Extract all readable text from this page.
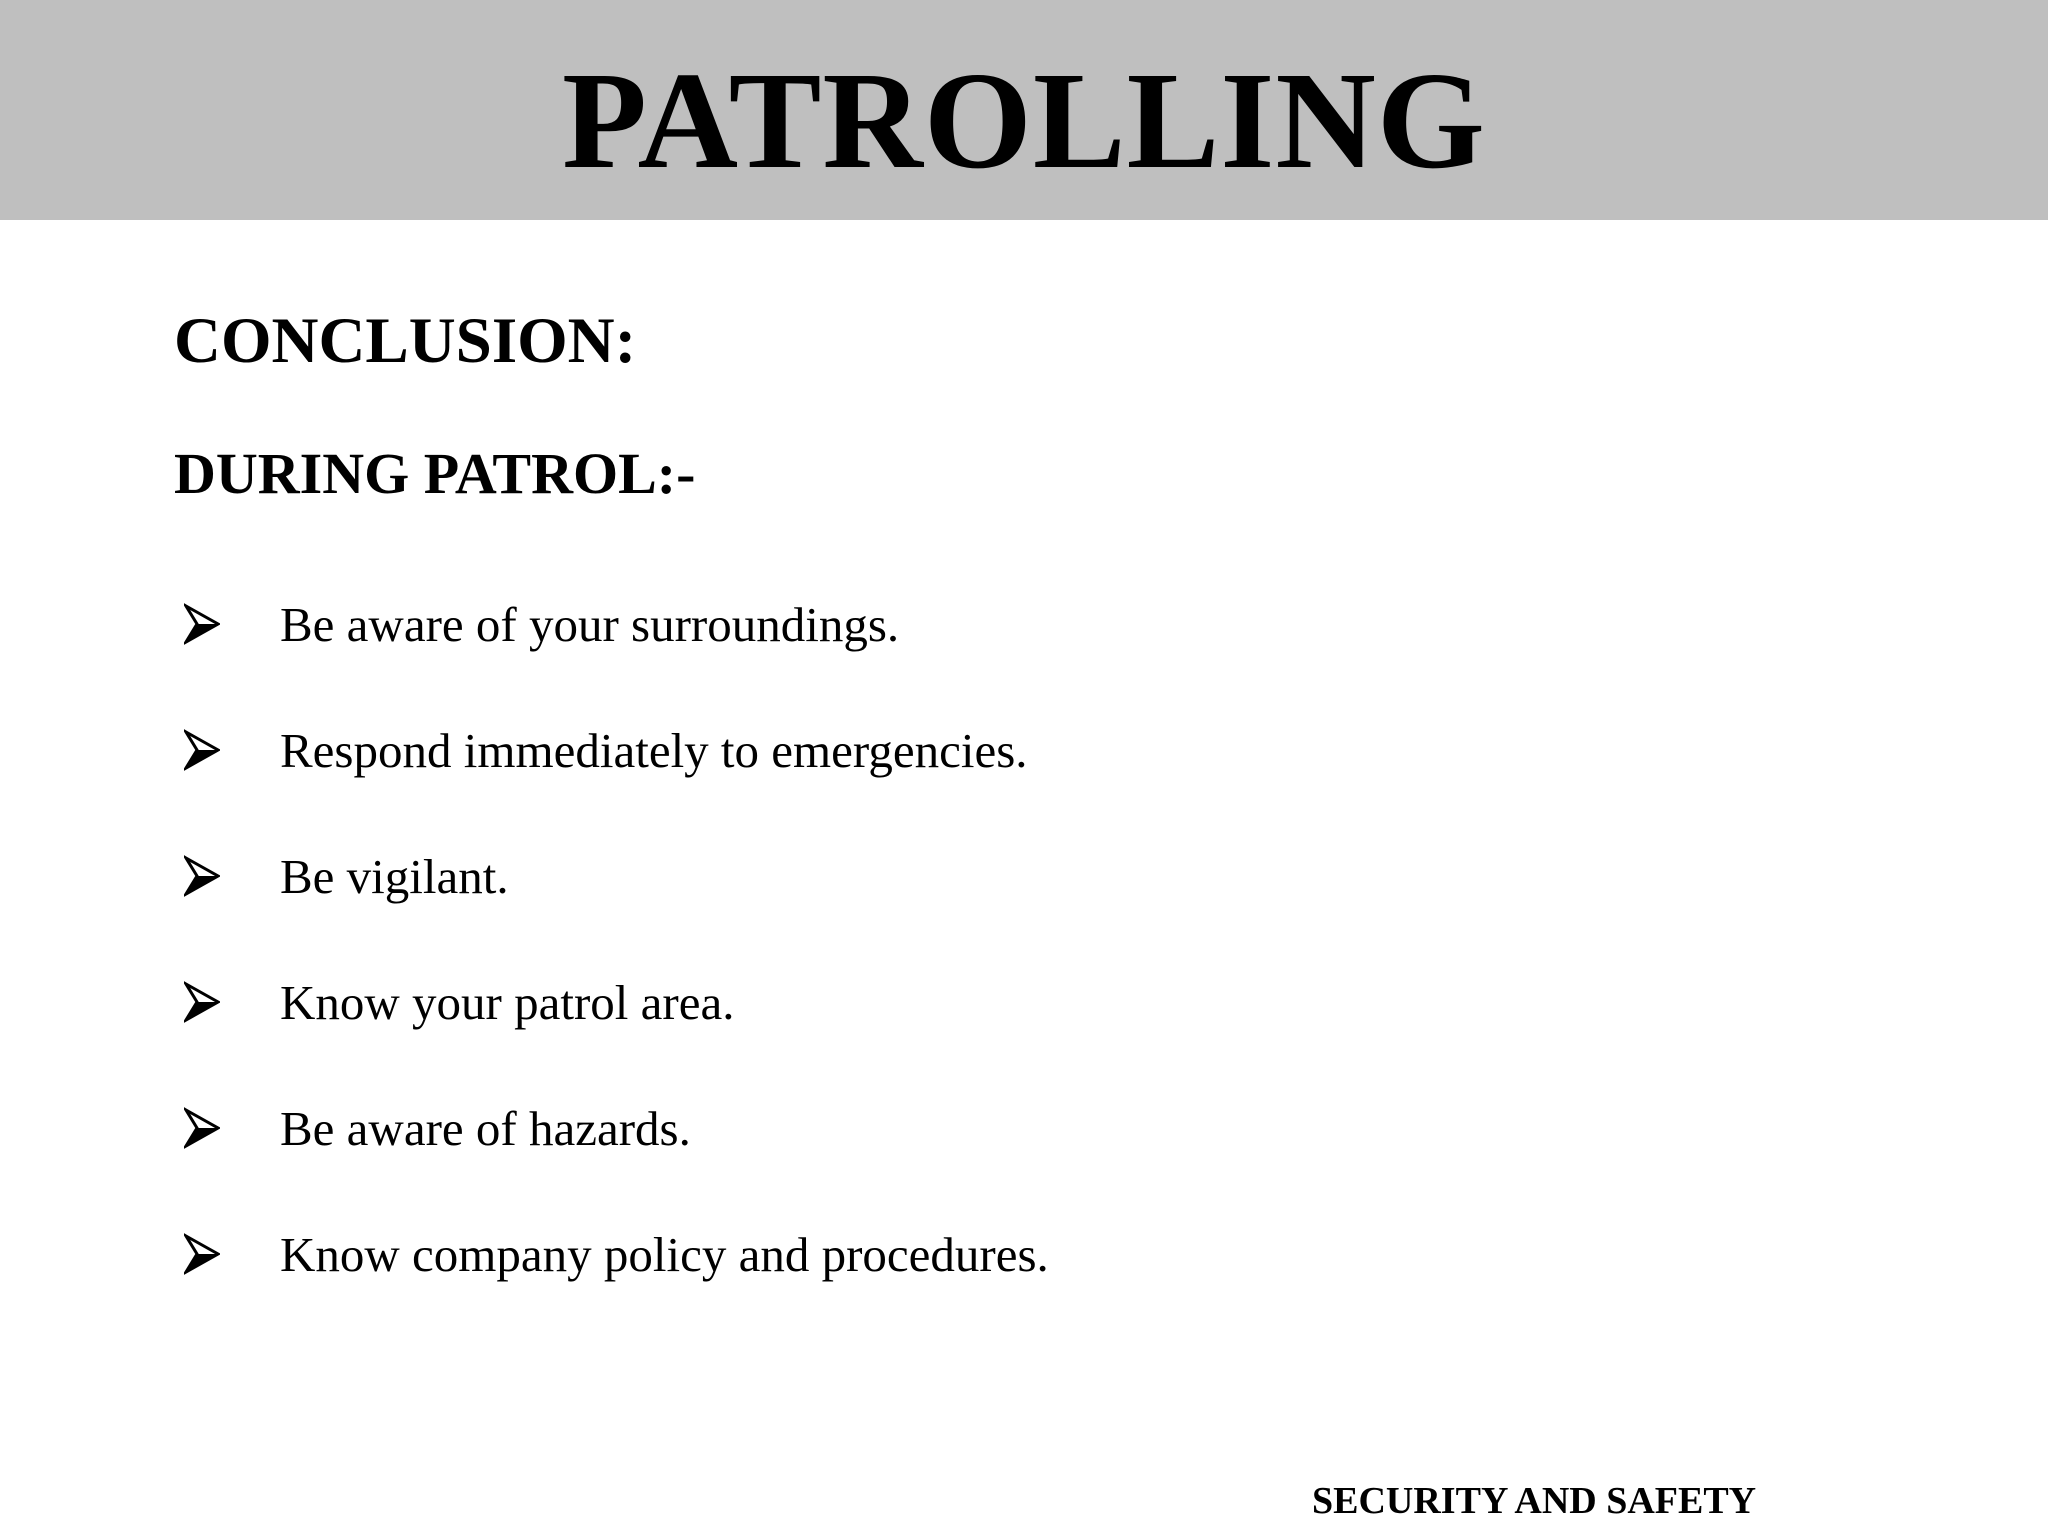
PATROLLING
CONCLUSION:
DURING PATROL:-
Be aware of your surroundings.
Respond immediately to emergencies.
Be vigilant.
Know your patrol area.
Be aware of hazards.
Know company policy and procedures.
SECURITY AND SAFETY
